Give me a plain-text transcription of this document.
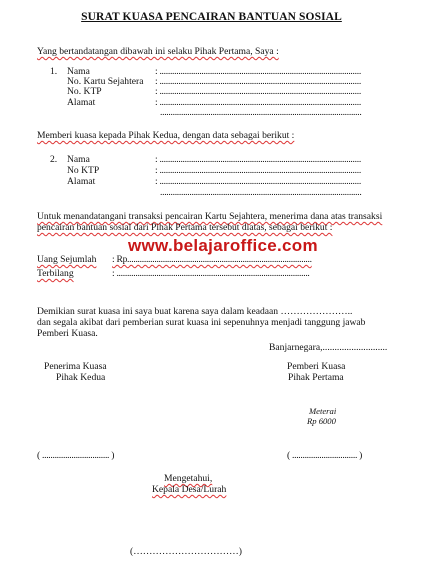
SURAT KUASA PENCAIRAN BANTUAN SOSIAL
Yang bertandatangan dibawah ini selaku Pihak Pertama, Saya :
1. Nama	: ................................................................................................
No. Kartu Sejahtera : ................................................................................................
No. KTP	: ................................................................................................
Alamat	: ................................................................................................
................................................................................................
Memberi kuasa kepada Pihak Kedua, dengan data sebagai berikut :
2. Nama	: ................................................................................................
No KTP	: ................................................................................................
Alamat	: ................................................................................................
................................................................................................
Untuk menandatangani transaksi pencairan Kartu Sejahtera, menerima dana atas transaksi
pencairan bantuan sosial dari Pihak Pertama tersebut diatas, sebagai berikut :
www.belajaroffice.com
Uang Sejumlah : Rp........................................................................................
Terbilang	: ............................................................................................
Demikian surat kuasa ini saya buat karena saya dalam keadaan …………………..
dan segala akibat dari pemberian surat kuasa ini sepenuhnya menjadi tanggung jawab
Pemberi Kuasa.
Banjarnegara,...........................
Penerima Kuasa
Pihak Kedua
Pemberi Kuasa
Pihak Pertama
Meterai
Rp 6000
( ................................ )	( ............................... )
Mengetahui,
Kepala Desa/Lurah
(……………………………)
